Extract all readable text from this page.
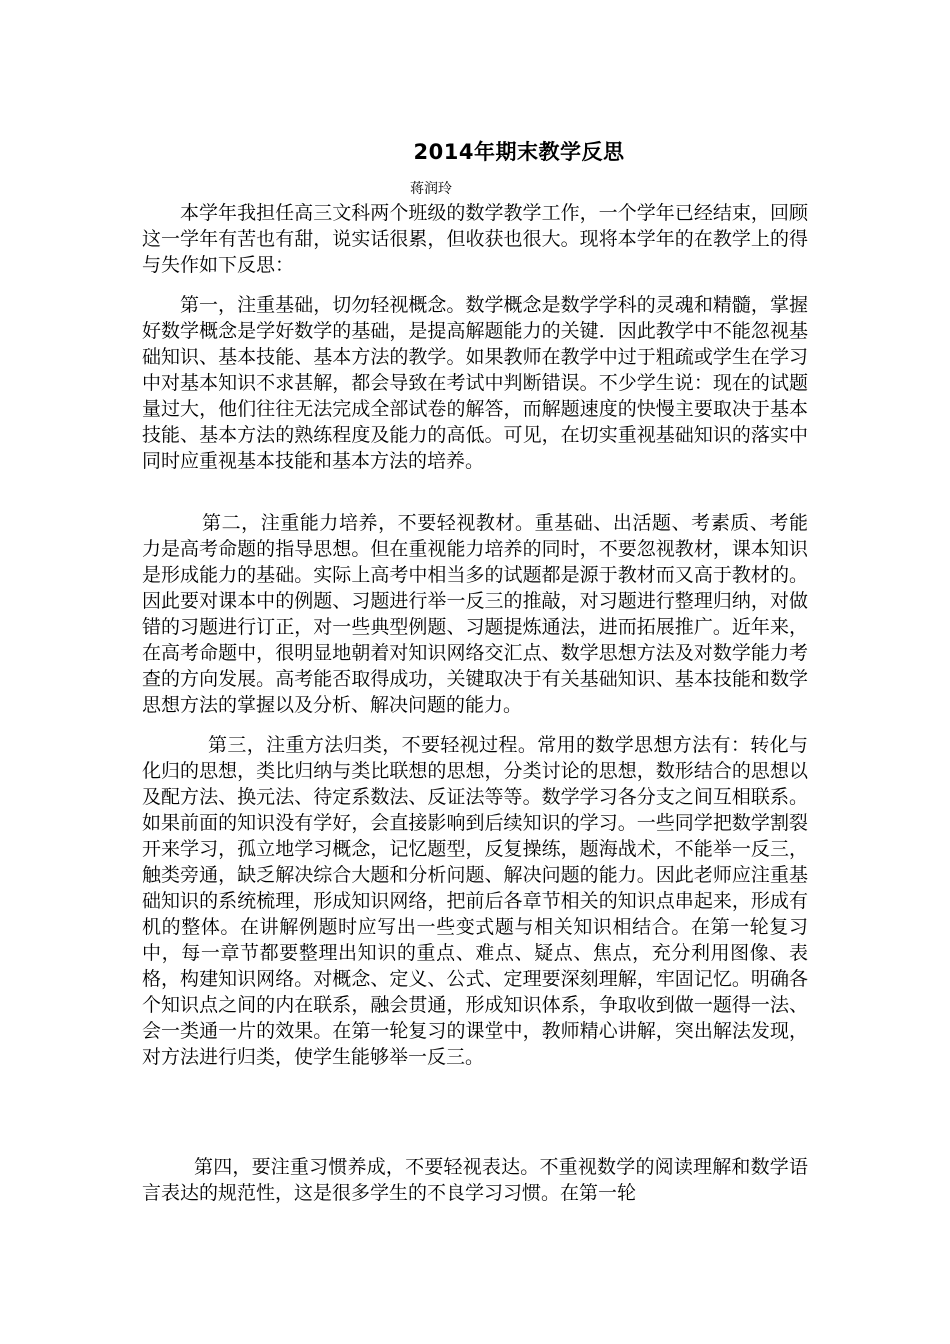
2014年期末教学反思
蒋润玲

本学年我担任高三文科两个班级的数学教学工作，一个学年已经结束，回顾这一学年有苦也有甜，说实话很累，但收获也很大。现将本学年的在教学上的得与失作如下反思：

第一，注重基础，切勿轻视概念。数学概念是数学学科的灵魂和精髓，掌握好数学概念是学好数学的基础，是提高解题能力的关键．因此教学中不能忽视基础知识、基本技能、基本方法的教学。如果教师在教学中过于粗疏或学生在学习中对基本知识不求甚解，都会导致在考试中判断错误。不少学生说：现在的试题量过大，他们往往无法完成全部试卷的解答，而解题速度的快慢主要取决于基本技能、基本方法的熟练程度及能力的高低。可见，在切实重视基础知识的落实中同时应重视基本技能和基本方法的培养。

第二，注重能力培养，不要轻视教材。重基础、出活题、考素质、考能力是高考命题的指导思想。但在重视能力培养的同时，不要忽视教材，课本知识是形成能力的基础。实际上高考中相当多的试题都是源于教材而又高于教材的。因此要对课本中的例题、习题进行举一反三的推敲，对习题进行整理归纳，对做错的习题进行订正，对一些典型例题、习题提炼通法，进而拓展推广。近年来，在高考命题中，很明显地朝着对知识网络交汇点、数学思想方法及对数学能力考查的方向发展。高考能否取得成功，关键取决于有关基础知识、基本技能和数学思想方法的掌握以及分析、解决问题的能力。

第三，注重方法归类，不要轻视过程。常用的数学思想方法有：转化与化归的思想，类比归纳与类比联想的思想，分类讨论的思想，数形结合的思想以及配方法、换元法、待定系数法、反证法等等。数学学习各分支之间互相联系。如果前面的知识没有学好，会直接影响到后续知识的学习。一些同学把数学割裂开来学习，孤立地学习概念，记忆题型，反复操练，题海战术，不能举一反三，触类旁通，缺乏解决综合大题和分析问题、解决问题的能力。因此老师应注重基础知识的系统梳理，形成知识网络，把前后各章节相关的知识点串起来，形成有机的整体。在讲解例题时应写出一些变式题与相关知识相结合。在第一轮复习中，每一章节都要整理出知识的重点、难点、疑点、焦点，充分利用图像、表格，构建知识网络。对概念、定义、公式、定理要深刻理解，牢固记忆。明确各个知识点之间的内在联系，融会贯通，形成知识体系，争取收到做一题得一法、会一类通一片的效果。在第一轮复习的课堂中，教师精心讲解，突出解法发现，对方法进行归类，使学生能够举一反三。

第四，要注重习惯养成，不要轻视表达。不重视数学的阅读理解和数学语言表达的规范性，这是很多学生的不良学习习惯。在第一轮
